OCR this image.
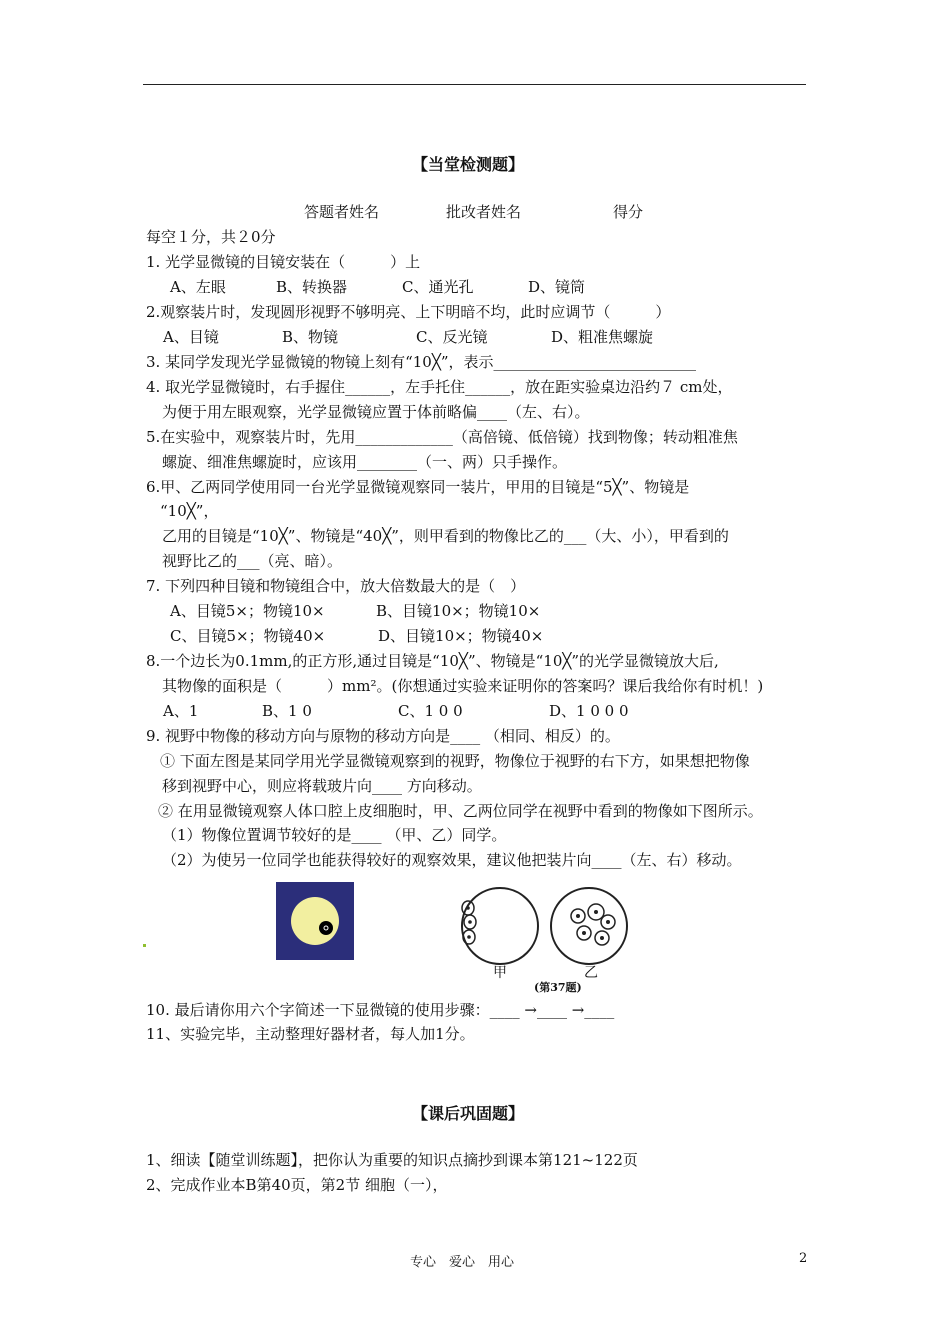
【当堂检测题】
答题者姓名	批改者姓名	得分
每空１分，共２0分
1. 光学显微镜的目镜安装在（　　　）上
A、左眼	B、转换器	C、通光孔	D、镜筒
2.观察装片时，发现圆形视野不够明亮、上下明暗不均，此时应调节（　　　）
A、目镜	B、物镜	C、反光镜	D、粗准焦螺旋
3. 某同学发现光学显微镜的物镜上刻有“10╳”，表示___________________________
4. 取光学显微镜时，右手握住______，左手托住______，放在距实验桌边沿约７ cm处，
为便于用左眼观察，光学显微镜应置于体前略偏____（左、右）。
5.在实验中，观察装片时，先用_____________（高倍镜、低倍镜）找到物像；转动粗准焦
螺旋、细准焦螺旋时，应该用________（一、两）只手操作。
6.甲、乙两同学使用同一台光学显微镜观察同一装片，甲用的目镜是“5╳”、物镜是
“10╳”，
乙用的目镜是“10╳”、物镜是“40╳”，则甲看到的物像比乙的___（大、小），甲看到的
视野比乙的___（亮、暗）。
7. 下列四种目镜和物镜组合中，放大倍数最大的是（　）
A、目镜5×；物镜10×	B、目镜10×；物镜10×
C、目镜5×；物镜40×	D、目镜10×；物镜40×
8.一个边长为0.1mm,的正方形,通过目镜是“10╳”、物镜是“10╳”的光学显微镜放大后,
其物像的面积是（　　　）mm²。(你想通过实验来证明你的答案吗？课后我给你有时机！)
A、1	B、1 0	C、1 0 0	D、1 0 0 0
9. 视野中物像的移动方向与原物的移动方向是____ （相同、相反）的。
① 下面左图是某同学用光学显微镜观察到的视野，物像位于视野的右下方，如果想把物像
移到视野中心，则应将载玻片向____ 方向移动。
② 在用显微镜观察人体口腔上皮细胞时，甲、乙两位同学在视野中看到的物像如下图所示。
（1）物像位置调节较好的是____ （甲、乙）同学。
（2）为使另一位同学也能获得较好的观察效果，建议他把装片向____（左、右）移动。
甲	乙
(第37题)
10. 最后请你用六个字简述一下显微镜的使用步骤：____ →____ →____
11、实验完毕，主动整理好器材者，每人加1分。
【课后巩固题】
1、细读【随堂训练题】，把你认为重要的知识点摘抄到课本第121~122页
2、完成作业本B第40页，第2节 细胞（一），
专心　爱心　用心	2
